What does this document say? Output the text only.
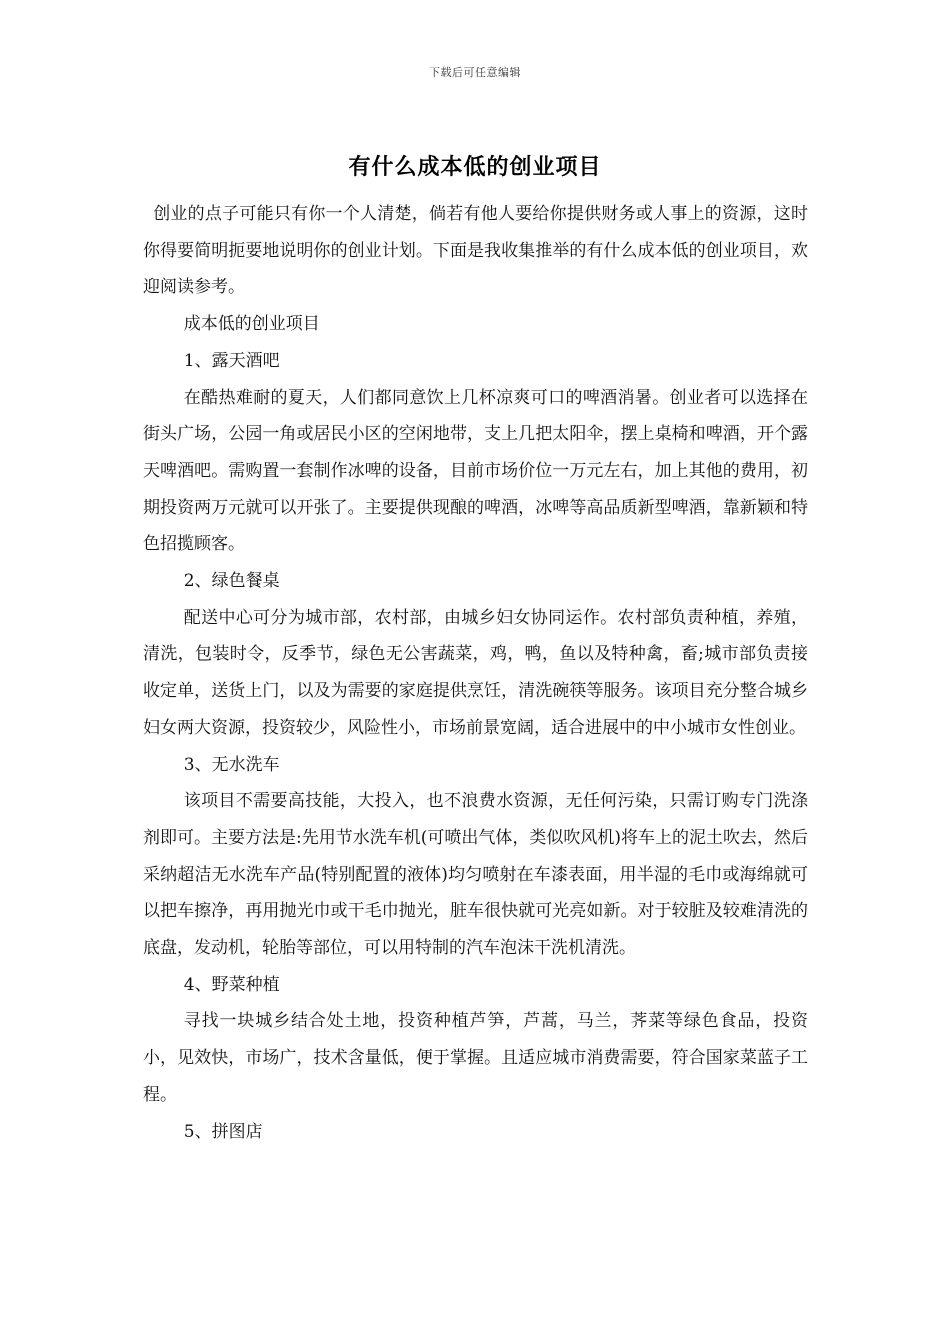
下载后可任意编辑
有什么成本低的创业项目

创业的点子可能只有你一个人清楚，倘若有他人要给你提供财务或人事上的资源，这时你得要简明扼要地说明你的创业计划。下面是我收集推举的有什么成本低的创业项目，欢迎阅读参考。

成本低的创业项目

1、露天酒吧

在酷热难耐的夏天，人们都同意饮上几杯凉爽可口的啤酒消暑。创业者可以选择在街头广场，公园一角或居民小区的空闲地带，支上几把太阳伞，摆上桌椅和啤酒，开个露天啤酒吧。需购置一套制作冰啤的设备，目前市场价位一万元左右，加上其他的费用，初期投资两万元就可以开张了。主要提供现酿的啤酒，冰啤等高品质新型啤酒，靠新颖和特色招揽顾客。

2、绿色餐桌

配送中心可分为城市部，农村部，由城乡妇女协同运作。农村部负责种植，养殖，清洗，包装时令，反季节，绿色无公害蔬菜，鸡，鸭，鱼以及特种禽，畜;城市部负责接收定单，送货上门，以及为需要的家庭提供烹饪，清洗碗筷等服务。该项目充分整合城乡妇女两大资源，投资较少，风险性小，市场前景宽阔，适合进展中的中小城市女性创业。

3、无水洗车

该项目不需要高技能，大投入，也不浪费水资源，无任何污染，只需订购专门洗涤剂即可。主要方法是:先用节水洗车机(可喷出气体，类似吹风机)将车上的泥土吹去，然后采纳超洁无水洗车产品(特别配置的液体)均匀喷射在车漆表面，用半湿的毛巾或海绵就可以把车擦净，再用抛光巾或干毛巾抛光，脏车很快就可光亮如新。对于较脏及较难清洗的底盘，发动机，轮胎等部位，可以用特制的汽车泡沫干洗机清洗。

4、野菜种植

寻找一块城乡结合处土地，投资种植芦笋，芦蒿，马兰，荠菜等绿色食品，投资小，见效快，市场广，技术含量低，便于掌握。且适应城市消费需要，符合国家菜蓝子工程。

5、拼图店
